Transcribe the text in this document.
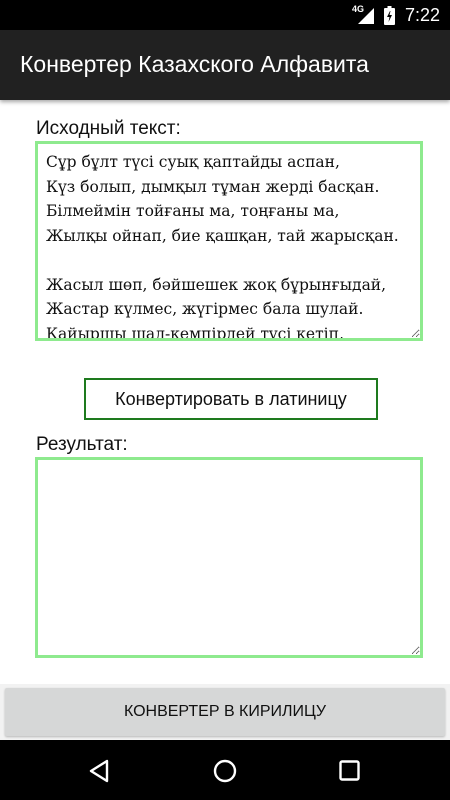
4G 7:22
Конвертер Казахского Алфавита
Исходный текст:
Сұр бұлт түсі суық қаптайды аспан, Күз болып, дымқыл тұман жерді басқан. Білмеймін тойғаны ма, тоңғаны ма, Жылқы ойнап, бие қашқан, тай жарысқан. Жасыл шөп, бәйшешек жоқ бұрынғыдай, Жастар күлмес, жүгірмес бала шулай. Қайыршы шал-кемпірдей түсі кетіп, Жапырағынан айрылған ағаш, қурай.
Конвертировать в латиницу
Результат:
КОНВЕРТЕР В КИРИЛИЦУ
